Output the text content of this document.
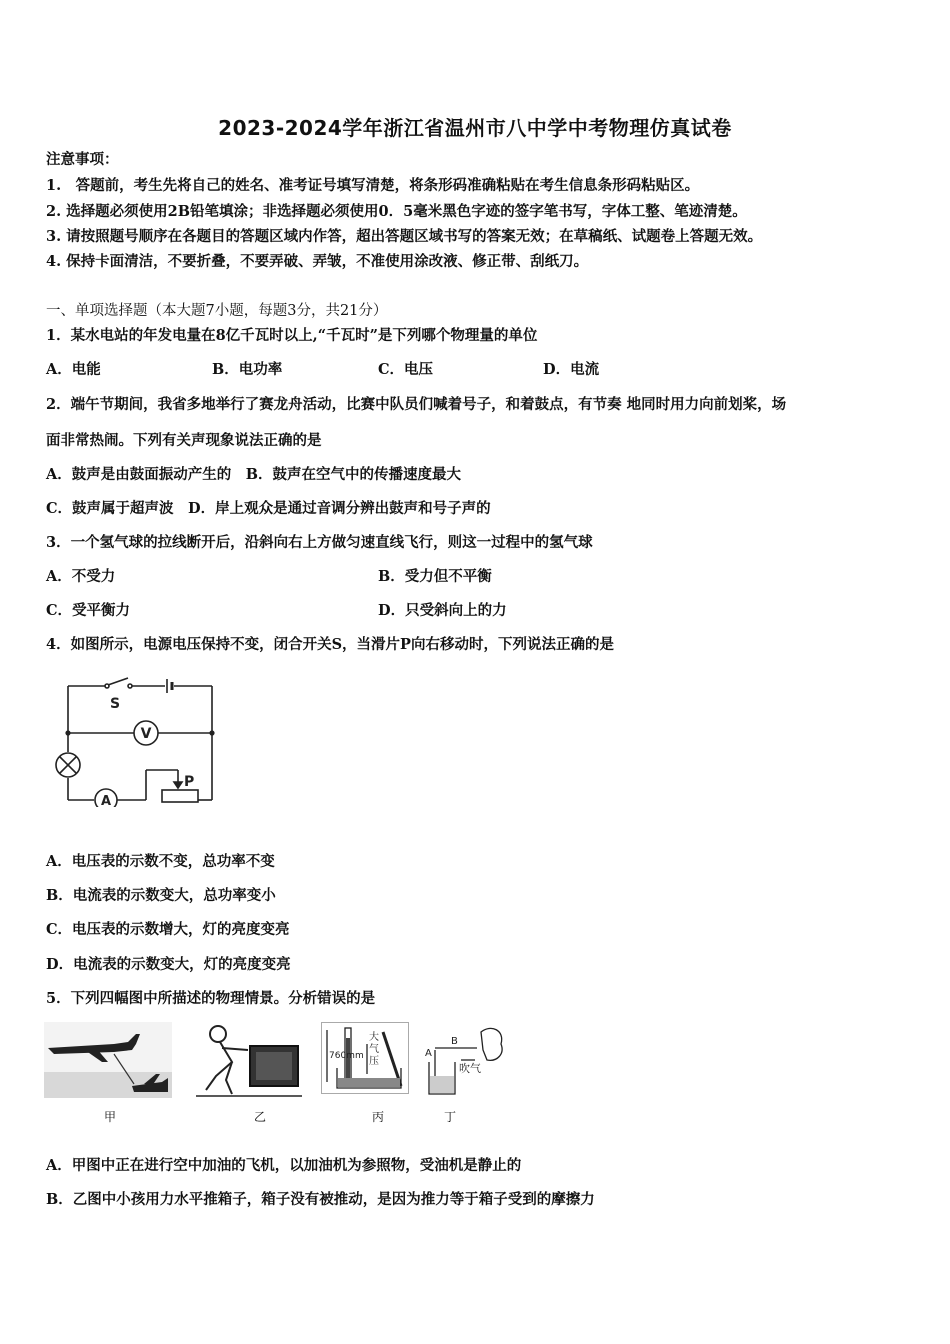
2023-2024学年浙江省温州市八中学中考物理仿真试卷
注意事项：
1.　答题前，考生先将自己的姓名、准考证号填写清楚，将条形码准确粘贴在考生信息条形码粘贴区。
2. 选择题必须使用2B铅笔填涂；非选择题必须使用0．5毫米黑色字迹的签字笔书写，字体工整、笔迹清楚。
3. 请按照题号顺序在各题目的答题区域内作答，超出答题区域书写的答案无效；在草稿纸、试题卷上答题无效。
4. 保持卡面清洁，不要折叠，不要弄破、弄皱，不准使用涂改液、修正带、刮纸刀。
一、单项选择题（本大题7小题，每题3分，共21分）
1．某水电站的年发电量在8亿千瓦时以上,“千瓦时”是下列哪个物理量的单位
A．电能	B．电功率	C．电压	D．电流
2．端午节期间，我省多地举行了赛龙舟活动，比赛中队员们喊着号子，和着鼓点，有节奏 地同时用力向前划桨，场
面非常热闹。下列有关声现象说法正确的是
A．鼓声是由鼓面振动产生的　B．鼓声在空气中的传播速度最大
C．鼓声属于超声波　D．岸上观众是通过音调分辨出鼓声和号子声的
3．一个氢气球的拉线断开后，沿斜向右上方做匀速直线飞行，则这一过程中的氢气球
A．不受力	B．受力但不平衡
C．受平衡力	D．只受斜向上的力
4．如图所示，电源电压保持不变，闭合开关S，当滑片P向右移动时，下列说法正确的是
S
V
A
P
A．电压表的示数不变，总功率不变
B．电流表的示数变大，总功率变小
C．电压表的示数增大，灯的亮度变亮
D．电流表的示数变大，灯的亮度变亮
5．下列四幅图中所描述的物理情景。分析错误的是
760mm
大
气
压
A
B
吹气
甲	乙	丙	丁
A．甲图中正在进行空中加油的飞机，以加油机为参照物，受油机是静止的
B．乙图中小孩用力水平推箱子，箱子没有被推动，是因为推力等于箱子受到的摩擦力
